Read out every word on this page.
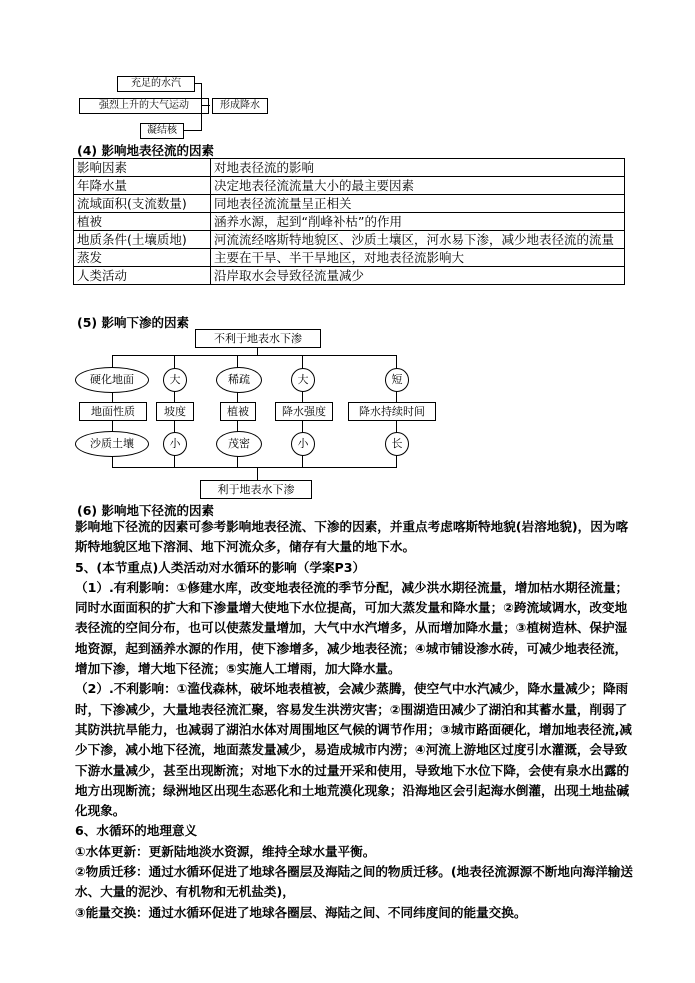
充足的水汽
强烈上升的大气运动
凝结核
形成降水
(4) 影响地表径流的因素
影响因素	对地表径流的影响
年降水量	决定地表径流流量大小的最主要因素
流域面积(支流数量)	同地表径流流量呈正相关
植被	涵养水源，起到“削峰补枯”的作用
地质条件(土壤质地)	河流流经喀斯特地貌区、沙质土壤区，河水易下渗，减少地表径流的流量
蒸发	主要在干旱、半干旱地区，对地表径流影响大
人类活动	沿岸取水会导致径流量减少
(5) 影响下渗的因素
不利于地表水下渗
硬化地面	大	稀疏	大	短
地面性质	坡度	植被	降水强度	降水持续时间
沙质土壤	小	茂密	小	长
利于地表水下渗
(6) 影响地下径流的因素

影响地下径流的因素可参考影响地表径流、下渗的因素，并重点考虑喀斯特地貌(岩溶地貌)，因为喀斯特地貌区地下溶洞、地下河流众多，储存有大量的地下水。

5、(本节重点)人类活动对水循环的影响（学案P3）

（1）.有利影响：①修建水库，改变地表径流的季节分配，减少洪水期径流量，增加枯水期径流量；同时水面面积的扩大和下渗量增大使地下水位提高，可加大蒸发量和降水量；②跨流域调水，改变地表径流的空间分布，也可以使蒸发量增加，大气中水汽增多，从而增加降水量；③植树造林、保护湿地资源，起到涵养水源的作用，使下渗增多，减少地表径流；④城市铺设渗水砖，可减少地表径流，增加下渗，增大地下径流；⑤实施人工增雨，加大降水量。

（2）.不利影响：①滥伐森林，破坏地表植被，会减少蒸腾，使空气中水汽减少，降水量减少；降雨时，下渗减少，大量地表径流汇聚，容易发生洪涝灾害；②围湖造田减少了湖泊和其蓄水量，削弱了其防洪抗旱能力，也减弱了湖泊水体对周围地区气候的调节作用；③城市路面硬化，增加地表径流,减少下渗，减小地下径流，地面蒸发量减少，易造成城市内涝；④河流上游地区过度引水灌溉，会导致下游水量减少，甚至出现断流；对地下水的过量开采和使用，导致地下水位下降，会使有泉水出露的地方出现断流；绿洲地区出现生态恶化和土地荒漠化现象；沿海地区会引起海水倒灌，出现土地盐碱化现象。

6、水循环的地理意义

①水体更新：更新陆地淡水资源，维持全球水量平衡。

②物质迁移：通过水循环促进了地球各圈层及海陆之间的物质迁移。(地表径流源源不断地向海洋输送水、大量的泥沙、有机物和无机盐类)，

③能量交换：通过水循环促进了地球各圈层、海陆之间、不同纬度间的能量交换。
